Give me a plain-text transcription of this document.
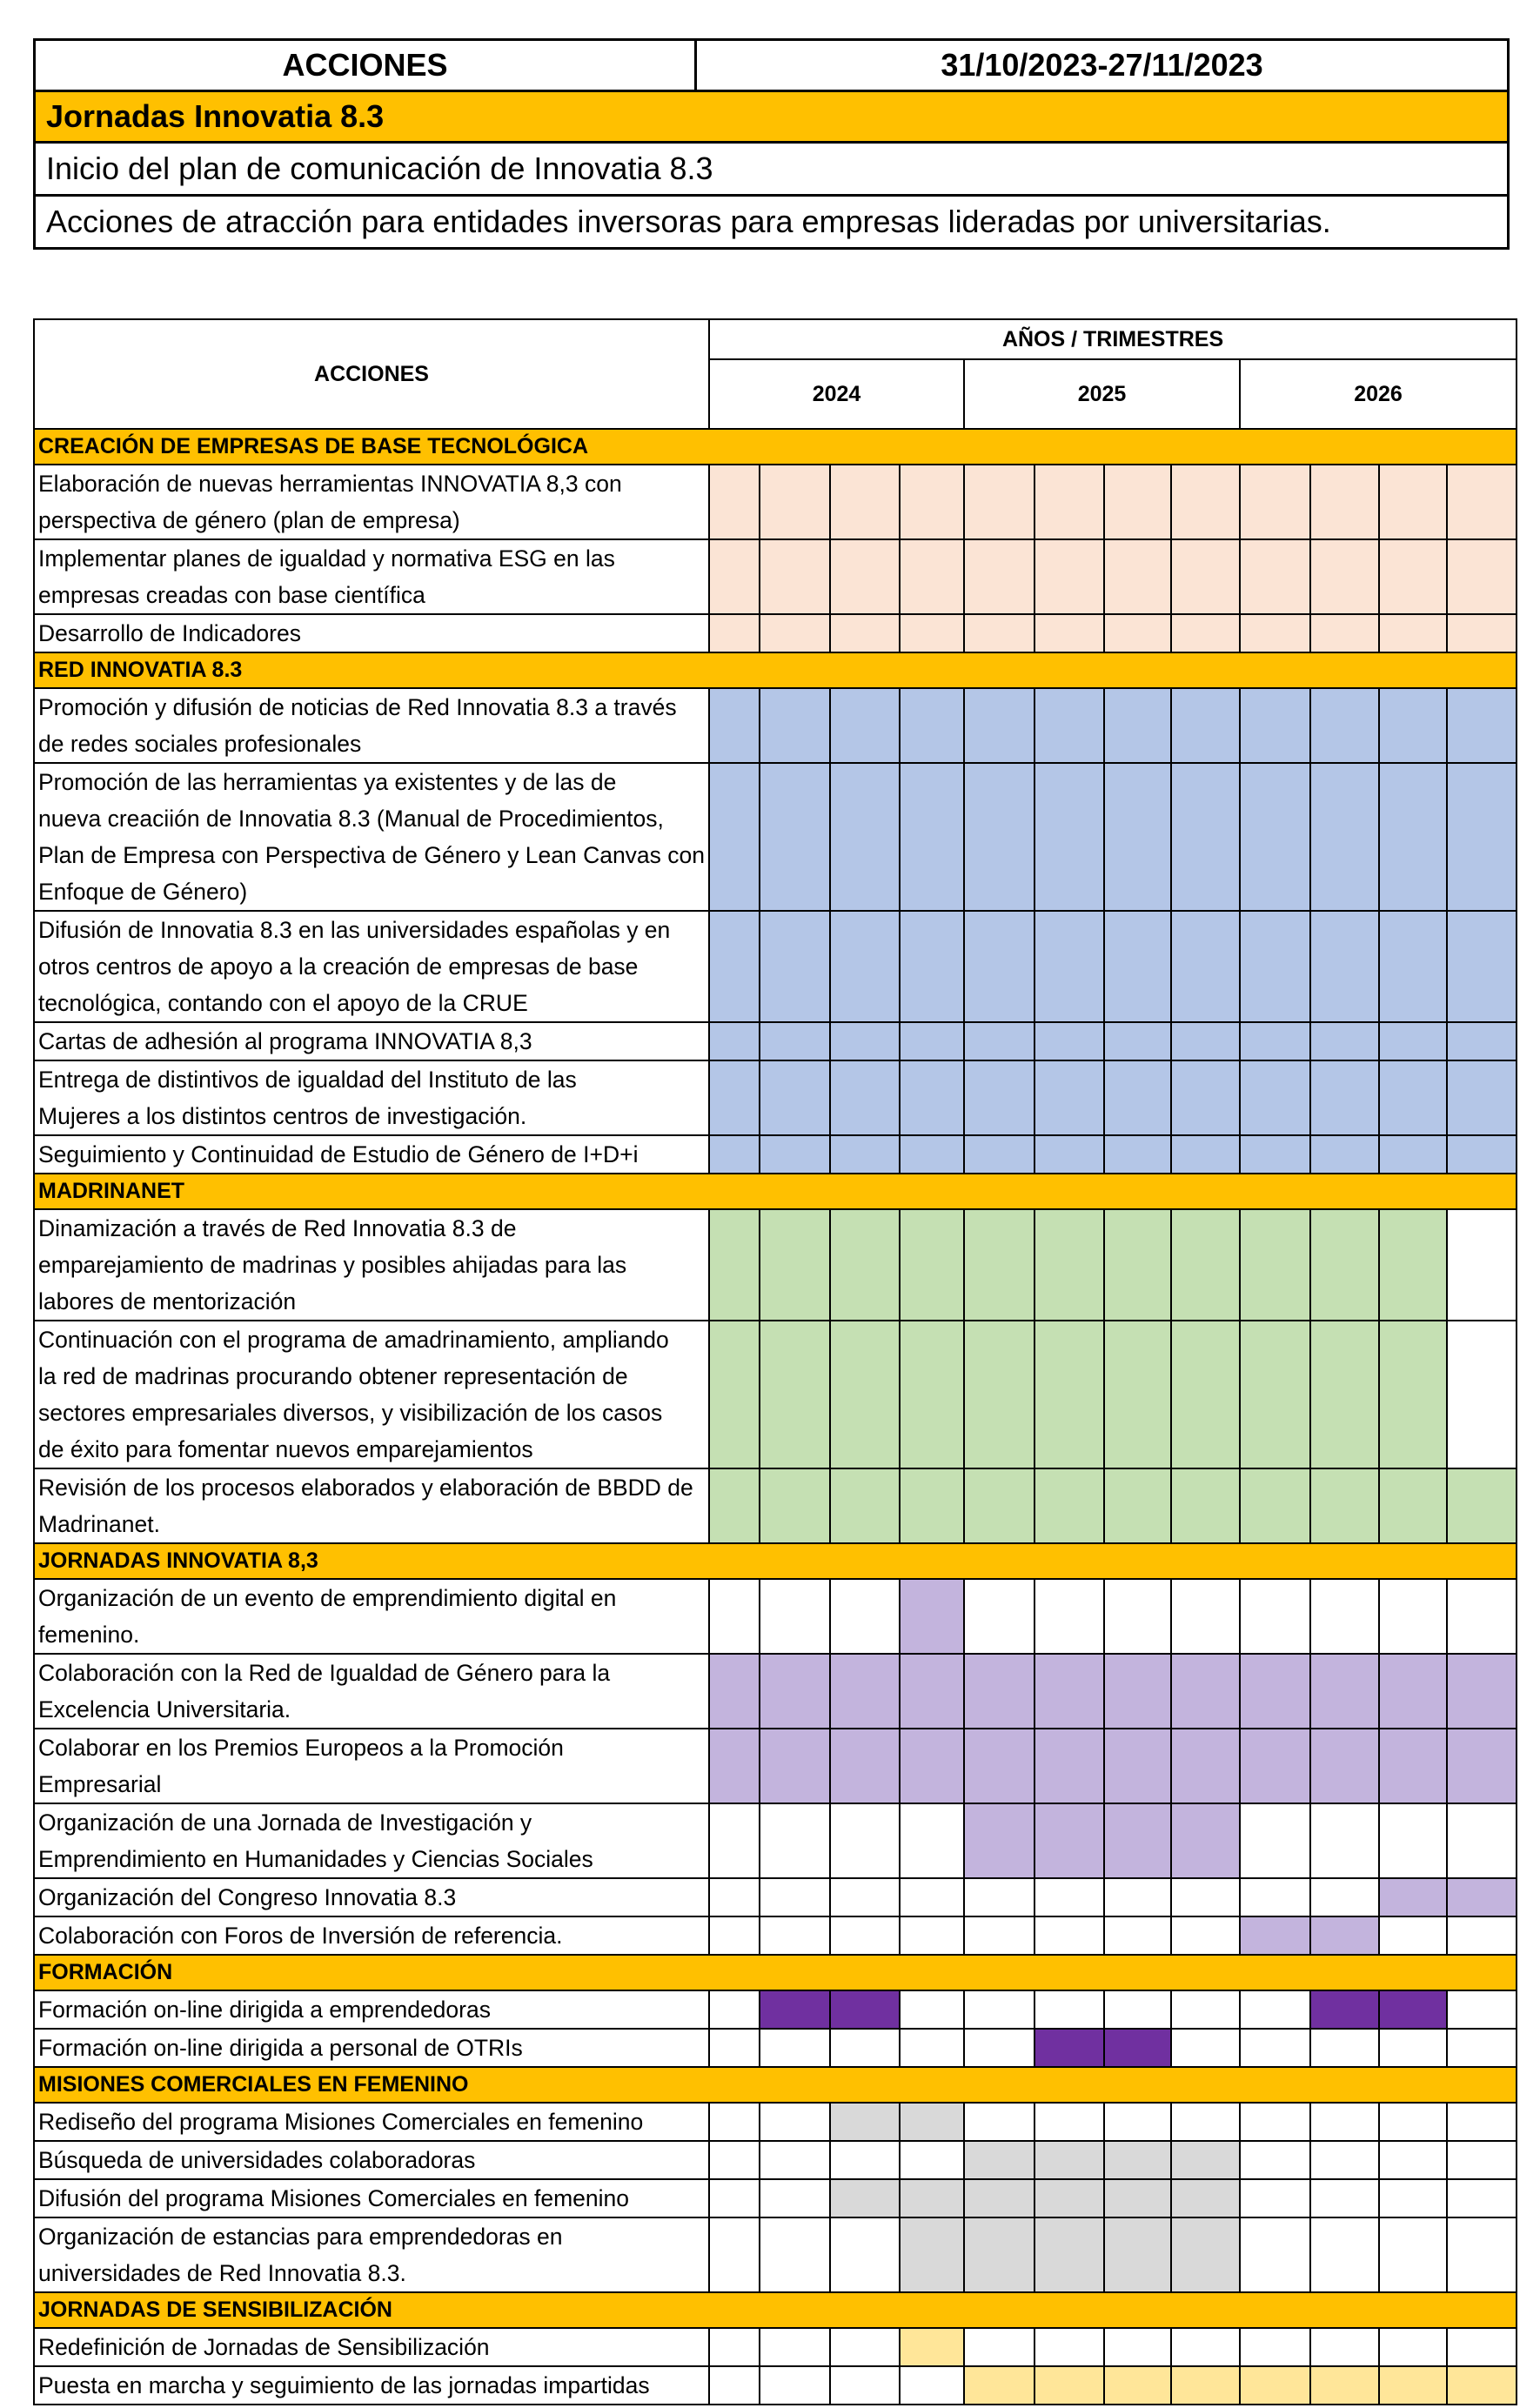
ACCIONES	31/10/2023-27/11/2023
Jornadas Innovatia 8.3
Inicio del plan de comunicación de Innovatia 8.3
Acciones de atracción para entidades inversoras para empresas lideradas por universitarias.
ACCIONES	AÑOS / TRIMESTRES											
	2024				2025				2026			
CREACIÓN DE EMPRESAS DE BASE TECNOLÓGICA												

Elaboración de nuevas herramientas INNOVATIA 8,3 con
perspectiva de género (plan de empresa)												

Implementar planes de igualdad y normativa ESG en las
empresas creadas con base científica												

Desarrollo de Indicadores												

RED INNOVATIA 8.3												

Promoción y difusión de noticias de Red Innovatia 8.3 a través
de redes sociales profesionales												

Promoción de las herramientas ya existentes y de las de
nueva creaciión de Innovatia 8.3 (Manual de Procedimientos,
Plan de Empresa con Perspectiva de Género y Lean Canvas con
Enfoque de Género)												

Difusión de Innovatia 8.3 en las universidades españolas y en
otros centros de apoyo a la creación de empresas de base
tecnológica, contando con el apoyo de la CRUE												

Cartas de adhesión al programa INNOVATIA 8,3												

Entrega de distintivos de igualdad del Instituto de las
Mujeres a los distintos centros de investigación.												

Seguimiento y Continuidad de Estudio de Género de I+D+i												

MADRINANET												

Dinamización a través de Red Innovatia 8.3 de
emparejamiento de madrinas y posibles ahijadas para las
labores de mentorización												

Continuación con el programa de amadrinamiento, ampliando
la red de madrinas procurando obtener representación de
sectores empresariales diversos, y visibilización de los casos
de éxito para fomentar nuevos emparejamientos												

Revisión de los procesos elaborados y elaboración de BBDD de
Madrinanet.												

JORNADAS INNOVATIA 8,3												

Organización de un evento de emprendimiento digital en
femenino.												

Colaboración con la Red de Igualdad de Género para la
Excelencia Universitaria.												

Colaborar en los Premios Europeos a la Promoción
Empresarial												

Organización de una Jornada de Investigación y
Emprendimiento en Humanidades y Ciencias Sociales												

Organización del Congreso Innovatia 8.3												

Colaboración con Foros de Inversión de referencia.												

FORMACIÓN												

Formación on-line dirigida a emprendedoras												

Formación on-line dirigida a personal de OTRIs												

MISIONES COMERCIALES EN FEMENINO												

Rediseño del programa Misiones Comerciales en femenino												

Búsqueda de universidades colaboradoras												

Difusión del programa Misiones Comerciales en femenino												

Organización de estancias para emprendedoras en
universidades de Red Innovatia 8.3.												

JORNADAS DE SENSIBILIZACIÓN												

Redefinición de Jornadas de Sensibilización												

Puesta en marcha y seguimiento de las jornadas impartidas												
